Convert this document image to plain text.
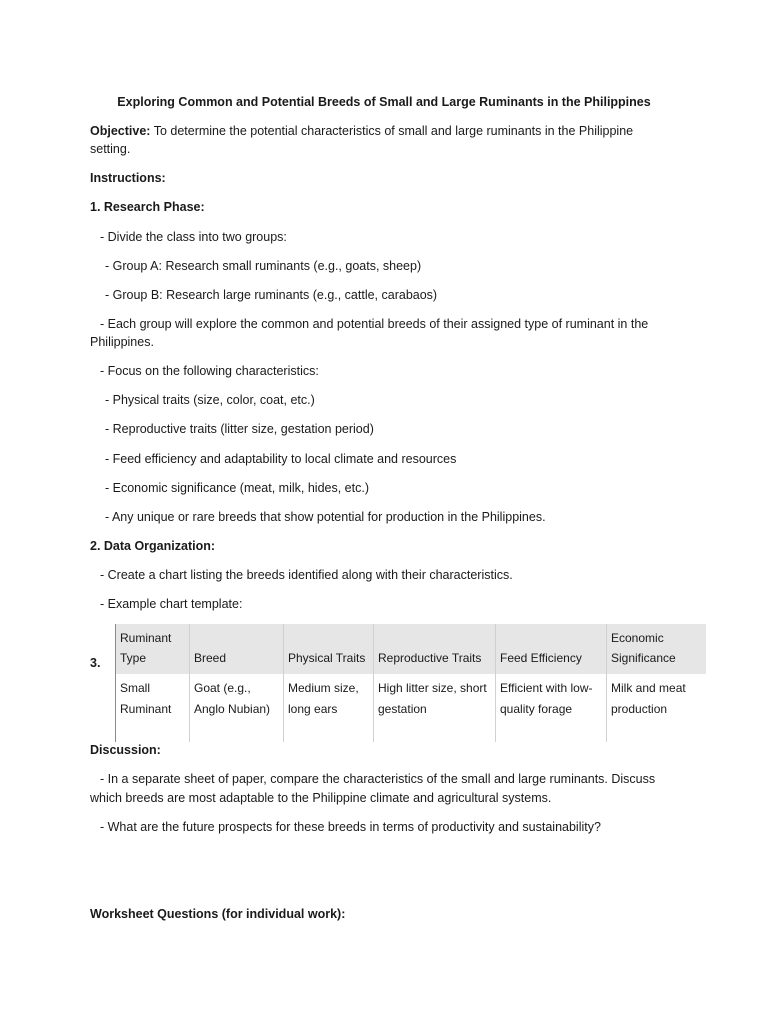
Exploring Common and Potential Breeds of Small and Large Ruminants in the Philippines
Objective: To determine the potential characteristics of small and large ruminants in the Philippine
setting.
Instructions:
1. Research Phase:
- Divide the class into two groups:
- Group A: Research small ruminants (e.g., goats, sheep)
- Group B: Research large ruminants (e.g., cattle, carabaos)
- Each group will explore the common and potential breeds of their assigned type of ruminant in the
Philippines.
- Focus on the following characteristics:
- Physical traits (size, color, coat, etc.)
- Reproductive traits (litter size, gestation period)
- Feed efficiency and adaptability to local climate and resources
- Economic significance (meat, milk, hides, etc.)
- Any unique or rare breeds that show potential for production in the Philippines.
2. Data Organization:
- Create a chart listing the breeds identified along with their characteristics.
- Example chart template:
3.
Ruminant Type	Breed	Physical Traits	Reproductive Traits	Feed Efficiency	Economic Significance
Small Ruminant	Goat (e.g., Anglo Nubian)	Medium size, long ears	High litter size, short gestation	Efficient with low-quality forage	Milk and meat production
Discussion:
- In a separate sheet of paper, compare the characteristics of the small and large ruminants. Discuss
which breeds are most adaptable to the Philippine climate and agricultural systems.
- What are the future prospects for these breeds in terms of productivity and sustainability?
Worksheet Questions (for individual work):
